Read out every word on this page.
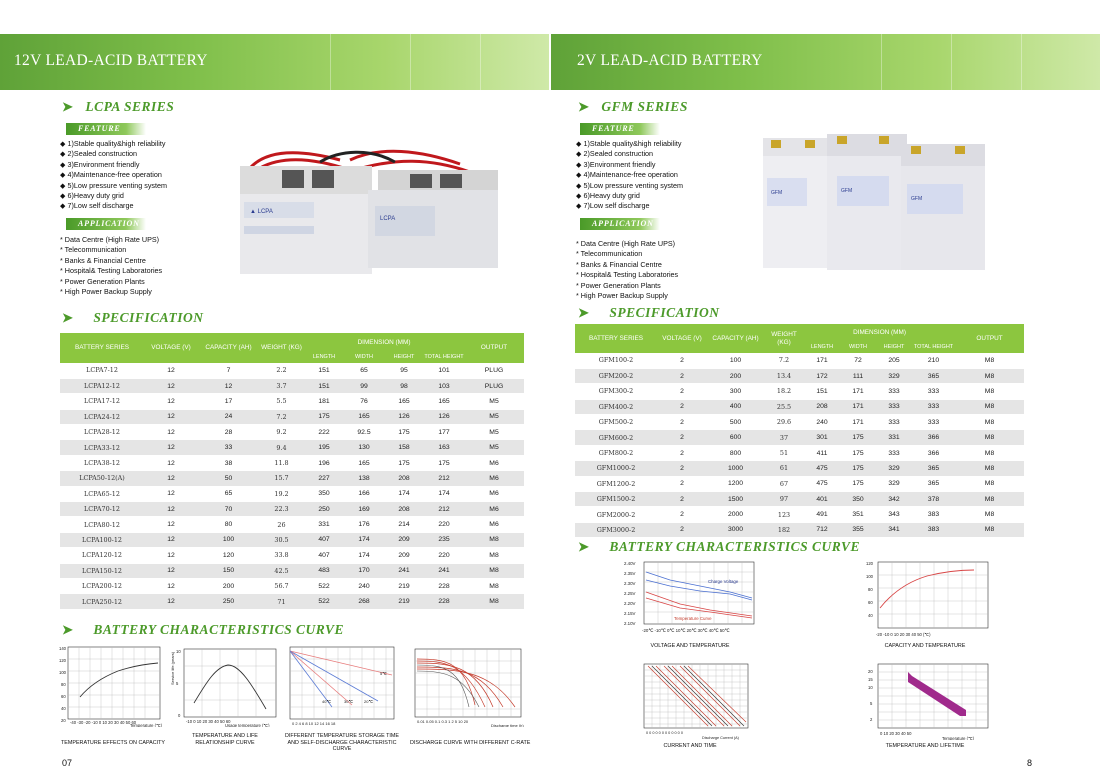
12V LEAD-ACID BATTERY
➤ LCPA SERIES
FEATURE
◆ 1)Stable quality&high reliability
◆ 2)Sealed construction
◆ 3)Environment friendly
◆ 4)Maintenance-free operation
◆ 5)Low pressure venting system
◆ 6)Heavy duty grid
◆ 7)Low self discharge
APPLICATION
* Data Centre (High Rate UPS)
* Telecommunication
* Banks & Financial Centre
* Hospital& Testing Laboratories
* Power Generation Plants
* High Power Backup Supply
▲ LCPA
LCPA
➤ SPECIFICATION
BATTERY SERIES	VOLTAGE (V)	CAPACITY (AH)	WEIGHT (KG)	DIMENSION (MM)				OUTPUT
				LENGTH	WIDTH	HEIGHT	TOTAL HEIGHT	
LCPA7-12	12	7	2.2	151	65	95	101	PLUG
LCPA12-12	12	12	3.7	151	99	98	103	PLUG
LCPA17-12	12	17	5.5	181	76	165	165	M5
LCPA24-12	12	24	7.2	175	165	126	126	M5
LCPA28-12	12	28	9.2	222	92.5	175	177	M5
LCPA33-12	12	33	9.4	195	130	158	163	M5
LCPA38-12	12	38	11.8	196	165	175	175	M6
LCPA50-12(A)	12	50	15.7	227	138	208	212	M6
LCPA65-12	12	65	19.2	350	166	174	174	M6
LCPA70-12	12	70	22.3	250	169	208	212	M6
LCPA80-12	12	80	26	331	176	214	220	M6
LCPA100-12	12	100	30.5	407	174	209	235	M8
LCPA120-12	12	120	33.8	407	174	209	220	M8
LCPA150-12	12	150	42.5	483	170	241	241	M8
LCPA200-12	12	200	56.7	522	240	219	228	M8
LCPA250-12	12	250	71	522	268	219	228	M8
➤ BATTERY CHARACTERISTICS CURVE
140
120
100
80
60
40
20 -40 -30 -20 -10 0 10 20 30 40 50 60
Temperature (℃)
TEMPERATURE EFFECTS ON CAPACITY
10
5
0
-10 0 10 20 30 40 50 60
Usage temperature (℃)
Service life (years)
TEMPERATURE AND LIFE RELATIONSHIP CURVE
5℃
40℃	30℃	20℃
0 2 4 6 8 10 12 14 16 18
DIFFERENT TEMPERATURE STORAGE TIME AND SELF-DISCHARGE CHARACTERISTIC CURVE
0.01 0.05 0.1 0.3 1 2 5 10 20
Discharge time (h)
DISCHARGE CURVE WITH DIFFERENT C-RATE
07
2V LEAD-ACID BATTERY
➤ GFM SERIES
FEATURE
◆ 1)Stable quality&high reliability
◆ 2)Sealed construction
◆ 3)Environment friendly
◆ 4)Maintenance-free operation
◆ 5)Low pressure venting system
◆ 6)Heavy duty grid
◆ 7)Low self discharge
APPLICATION
* Data Centre (High Rate UPS)
* Telecommunication
* Banks & Financial Centre
* Hospital& Testing Laboratories
* Power Generation Plants
* High Power Backup Supply
GFM	GFM
GFM
➤ SPECIFICATION
BATTERY SERIES	VOLTAGE (V)	CAPACITY (AH)	WEIGHT (KG)	DIMENSION (MM)				OUTPUT
				LENGTH	WIDTH	HEIGHT	TOTAL HEIGHT	
GFM100-2	2	100	7.2	171	72	205	210	M8
GFM200-2	2	200	13.4	172	111	329	365	M8
GFM300-2	2	300	18.2	151	171	333	333	M8
GFM400-2	2	400	25.5	208	171	333	333	M8
GFM500-2	2	500	29.6	240	171	333	333	M8
GFM600-2	2	600	37	301	175	331	366	M8
GFM800-2	2	800	51	411	175	333	366	M8
GFM1000-2	2	1000	61	475	175	329	365	M8
GFM1200-2	2	1200	67	475	175	329	365	M8
GFM1500-2	2	1500	97	401	350	342	378	M8
GFM2000-2	2	2000	123	491	351	343	383	M8
GFM3000-2	2	3000	182	712	355	341	383	M8
➤ BATTERY CHARACTERISTICS CURVE
2.40V
2.35V
2.30V
2.25V
2.20V
2.15V
2.10V
-20℃ -10℃ 0℃ 10℃ 20℃ 30℃ 40℃ 50℃
Charge Voltage
Temperature Curve
VOLTAGE AND TEMPERATURE
120
100
80
60
40
-20 -10 0 10 20 30 40 50 (℃)
CAPACITY AND TEMPERATURE
0 0 0 0 0 0 0 0 0 0 0 0
Discharge Current (A)
CURRENT AND TIME
20
15
10
5
2
0 10 20 30 40 50
Temperature (℃)
TEMPERATURE AND LIFETIME
8
